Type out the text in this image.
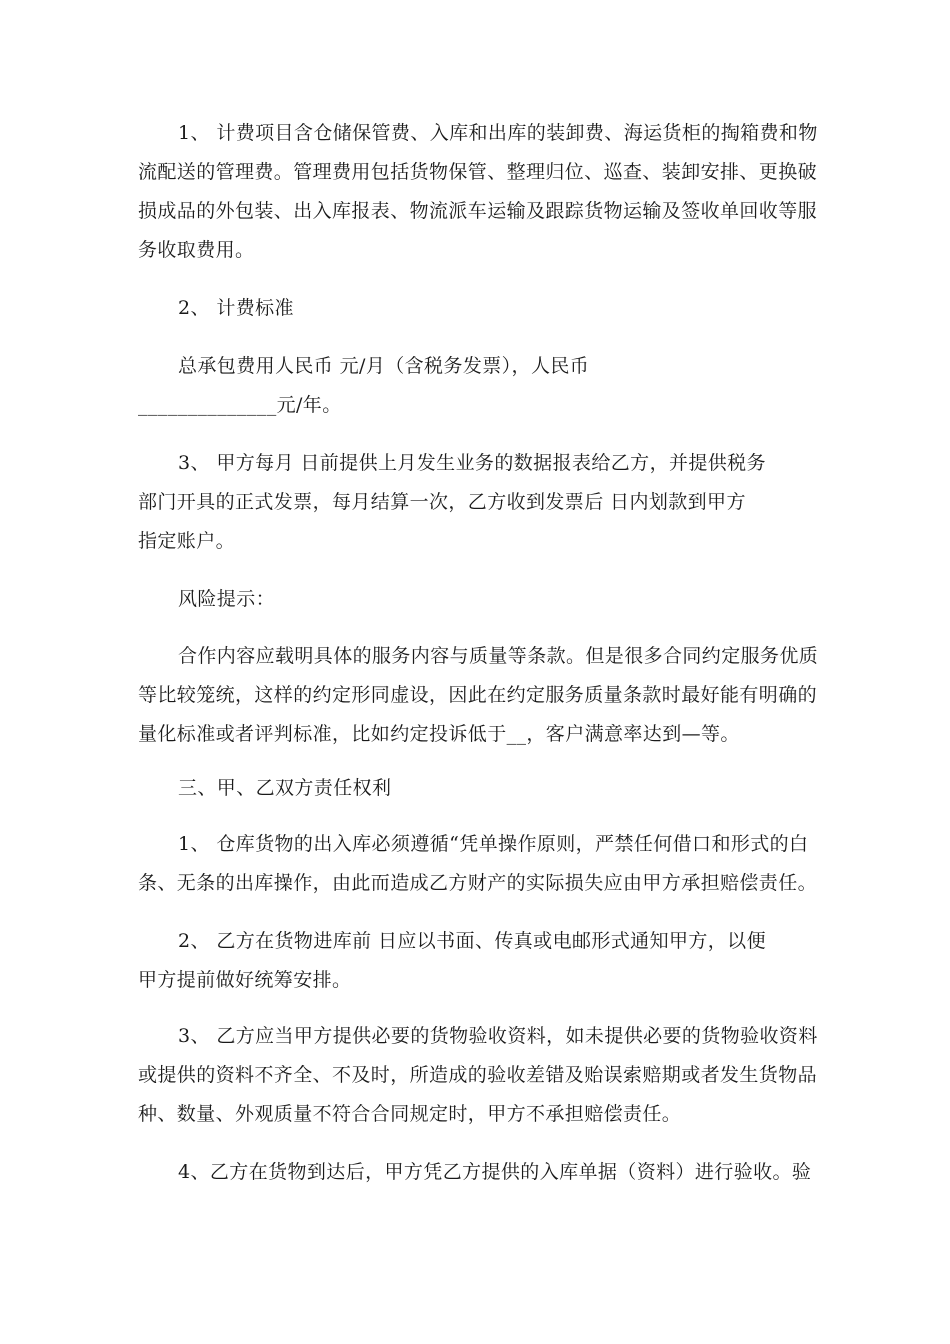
1、 计费项目含仓储保管费、入库和出库的装卸费、海运货柜的掏箱费和物

流配送的管理费。管理费用包括货物保管、整理归位、巡查、装卸安排、更换破

损成品的外包装、出入库报表、物流派车运输及跟踪货物运输及签收单回收等服

务收取费用。

2、 计费标准

总承包费用人民币 元/月（含税务发票），人民币

______________元/年。

3、 甲方每月 日前提供上月发生业务的数据报表给乙方，并提供税务

部门开具的正式发票，每月结算一次，乙方收到发票后 日内划款到甲方

指定账户。

风险提示：

合作内容应载明具体的服务内容与质量等条款。但是很多合同约定服务优质

等比较笼统，这样的约定形同虚设，因此在约定服务质量条款时最好能有明确的

量化标准或者评判标准，比如约定投诉低于__，客户满意率达到—等。

三、甲、乙双方责任权利

1、 仓库货物的出入库必须遵循“凭单操作原则，严禁任何借口和形式的白

条、无条的出库操作，由此而造成乙方财产的实际损失应由甲方承担赔偿责任。

2、 乙方在货物进库前 日应以书面、传真或电邮形式通知甲方，以便

甲方提前做好统筹安排。

3、 乙方应当甲方提供必要的货物验收资料，如未提供必要的货物验收资料

或提供的资料不齐全、不及时，所造成的验收差错及贻误索赔期或者发生货物品

种、数量、外观质量不符合合同规定时，甲方不承担赔偿责任。

4、乙方在货物到达后，甲方凭乙方提供的入库单据（资料）进行验收。验
